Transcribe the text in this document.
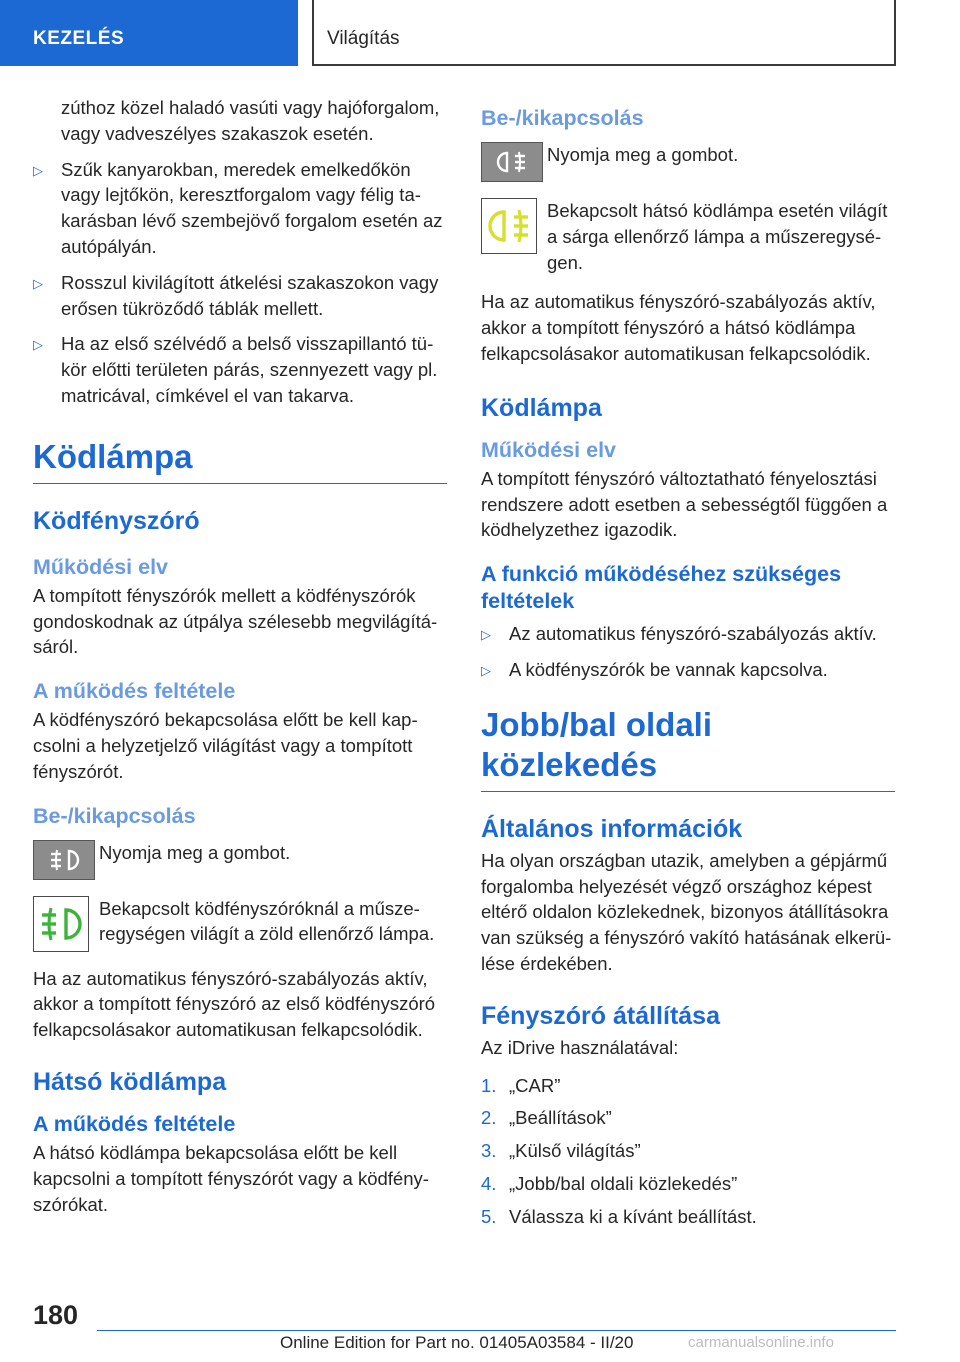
KEZELÉS	Világítás

zúthoz közel haladó vasúti vagy hajóforgalom, vagy vadveszélyes szakaszok esetén.

▷ Szűk kanyarokban, meredek emelkedőkön vagy lejtőkön, keresztforgalom vagy félig ta-karásban lévő szembejövő forgalom esetén az autópályán.
▷ Rosszul kivilágított átkelési szakaszokon vagy erősen tükröződő táblák mellett.
▷ Ha az első szélvédő a belső visszapillantó tü-kör előtti területen párás, szennyezett vagy pl. matricával, címkével el van takarva.
Ködlámpa
Ködfényszóró
Működési elv

A tompított fényszórók mellett a ködfényszórók gondoskodnak az útpálya szélesebb megvilágítá-sáról.

A működés feltétele

A ködfényszóró bekapcsolása előtt be kell kap-csolni a helyzetjelző világítást vagy a tompított fényszórót.

Be-/kikapcsolás

Nyomja meg a gombot.

Bekapcsolt ködfényszóróknál a műsze-regységen világít a zöld ellenőrző lámpa.

Ha az automatikus fényszóró-szabályozás aktív, akkor a tompított fényszóró az első ködfényszóró felkapcsolásakor automatikusan felkapcsolódik.

Hátsó ködlámpa
A működés feltétele

A hátsó ködlámpa bekapcsolása előtt be kell kapcsolni a tompított fényszórót vagy a ködfény-szórókat.

Be-/kikapcsolás

Nyomja meg a gombot.

Bekapcsolt hátsó ködlámpa esetén világít a sárga ellenőrző lámpa a műszeregysé-gen.

Ha az automatikus fényszóró-szabályozás aktív, akkor a tompított fényszóró a hátsó ködlámpa felkapcsolásakor automatikusan felkapcsolódik.

Ködlámpa
Működési elv

A tompított fényszóró változtatható fényelosztási rendszere adott esetben a sebességtől függően a ködhelyzethez igazodik.

A funkció működéséhez szükséges feltételek
▷ Az automatikus fényszóró-szabályozás aktív.
▷ A ködfényszórók be vannak kapcsolva.
Jobb/bal oldali közlekedés
Általános információk

Ha olyan országban utazik, amelyben a gépjármű forgalomba helyezését végző országhoz képest eltérő oldalon közlekednek, bizonyos átállításokra van szükség a fényszóró vakító hatásának elkerü-lése érdekében.

Fényszóró átállítása

Az iDrive használatával:

1. „CAR”
2. „Beállítások”
3. „Külső világítás”
4. „Jobb/bal oldali közlekedés”
5. Válassza ki a kívánt beállítást.
180
Online Edition for Part no. 01405A03584 - II/20	carmanualsonline.info
